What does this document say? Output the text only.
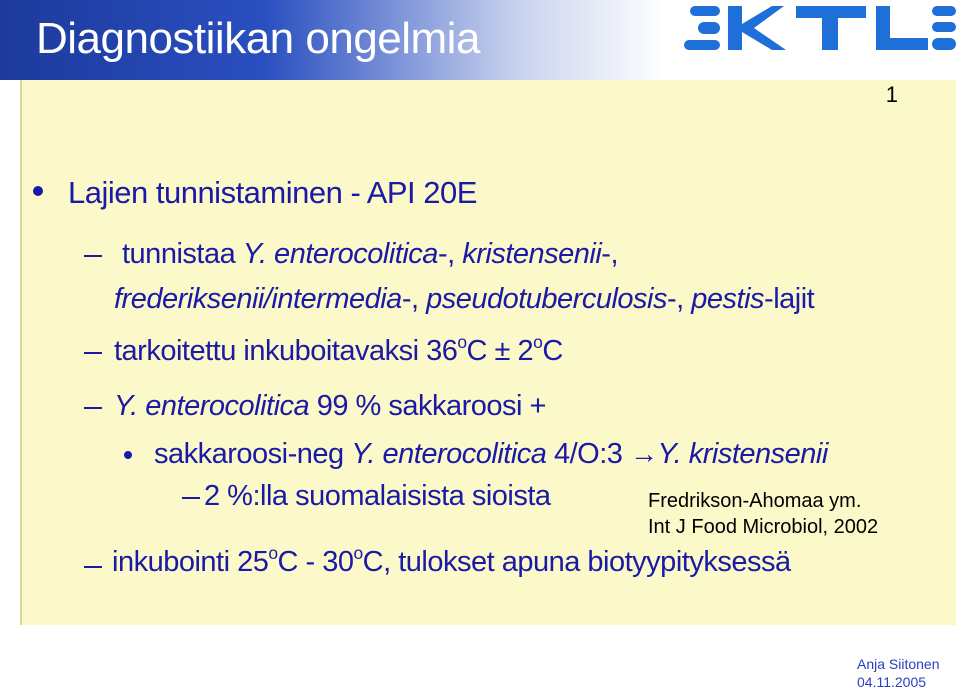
Diagnostiikan ongelmia
1
Lajien tunnistaminen - API 20E
tunnistaa Y. enterocolitica-, kristensenii-,
frederiksenii/intermedia-, pseudotuberculosis-, pestis-lajit
tarkoitettu inkuboitavaksi $36^oC \pm 2^oC$
Y. enterocolitica 99 % sakkaroosi +
sakkaroosi-neg Y. enterocolitica 4/O:3 →Y. kristensenii
2 %:lla suomalaisista sioista	Fredrikson-Ahomaa ym.
Int J Food Microbiol, 2002
inkubointi 25$^o$C - 30$^o$C, tulokset apuna biotyypityksessä
Anja Siitonen
04.11.2005
